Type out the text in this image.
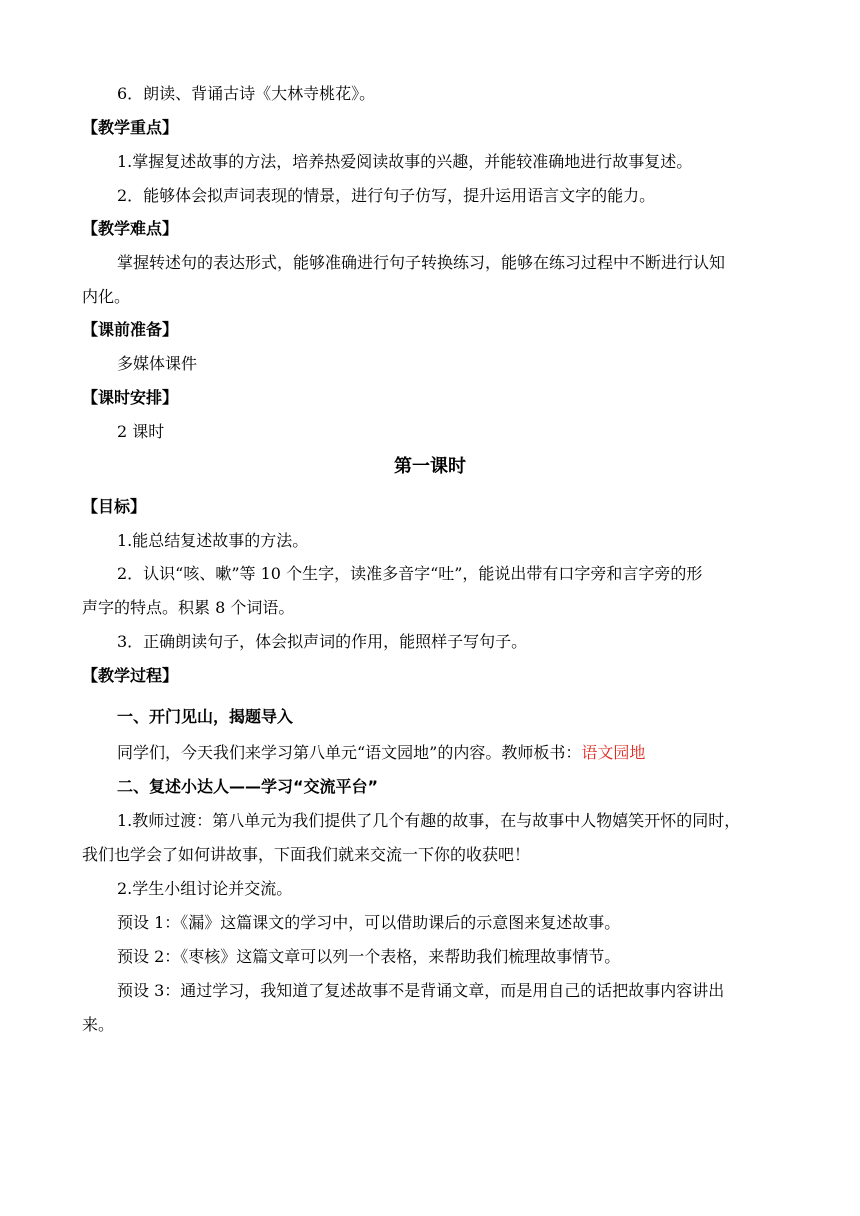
6．朗读、背诵古诗《大林寺桃花》。
【教学重点】
1.掌握复述故事的方法，培养热爱阅读故事的兴趣，并能较准确地进行故事复述。
2．能够体会拟声词表现的情景，进行句子仿写，提升运用语言文字的能力。
【教学难点】
掌握转述句的表达形式，能够准确进行句子转换练习，能够在练习过程中不断进行认知
内化。
【课前准备】
多媒体课件
【课时安排】
2 课时
第一课时
【目标】
1.能总结复述故事的方法。
2．认识“咳、嗽”等 10 个生字，读准多音字“吐”，能说出带有口字旁和言字旁的形
声字的特点。积累 8 个词语。
3．正确朗读句子，体会拟声词的作用，能照样子写句子。
【教学过程】
一、开门见山，揭题导入
同学们，今天我们来学习第八单元“语文园地”的内容。教师板书：语文园地
二、复述小达人——学习“交流平台”
1.教师过渡：第八单元为我们提供了几个有趣的故事，在与故事中人物嬉笑开怀的同时，
我们也学会了如何讲故事，下面我们就来交流一下你的收获吧！
2.学生小组讨论并交流。
预设 1：《漏》这篇课文的学习中，可以借助课后的示意图来复述故事。
预设 2：《枣核》这篇文章可以列一个表格，来帮助我们梳理故事情节。
预设 3：通过学习，我知道了复述故事不是背诵文章，而是用自己的话把故事内容讲出
来。
